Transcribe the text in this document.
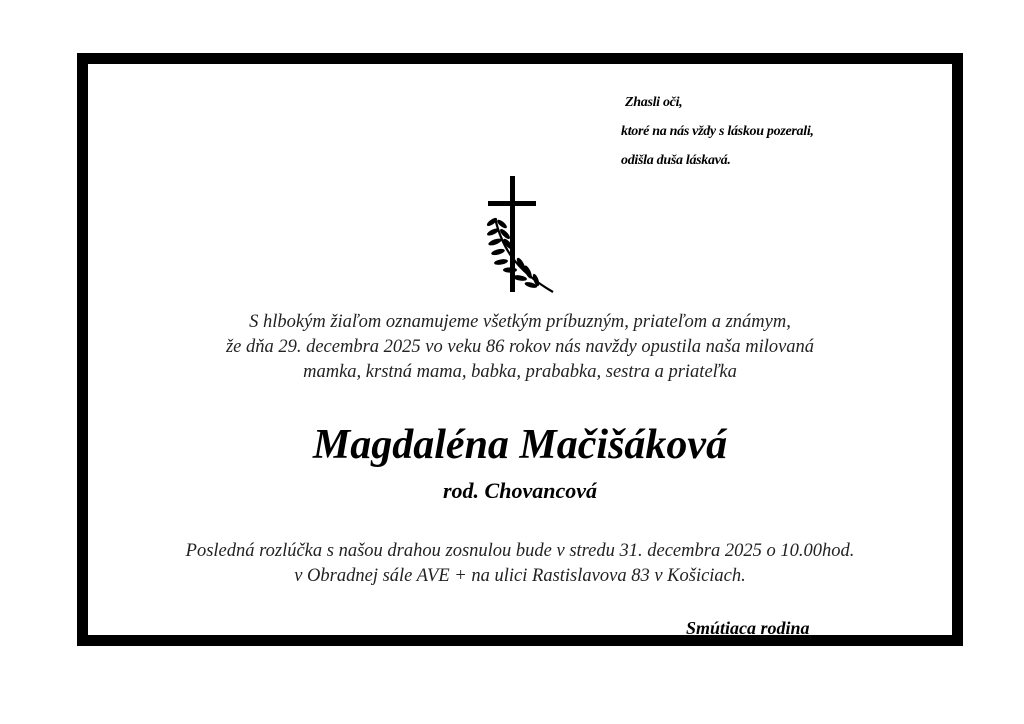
Zhasli oči,
ktoré na nás vždy s láskou pozerali,
odišla duša láskavá.
S hlbokým žiaľom oznamujeme všetkým príbuzným, priateľom a známym,
že dňa 29. decembra 2025 vo veku 86 rokov nás navždy opustila naša milovaná
mamka, krstná mama, babka, prababka, sestra a priateľka
Magdaléna Mačišáková
rod. Chovancová
Posledná rozlúčka s našou drahou zosnulou bude v stredu 31. decembra 2025 o 10.00hod.
v Obradnej sále AVE + na ulici Rastislavova 83 v Košiciach.
Smútiaca rodina
